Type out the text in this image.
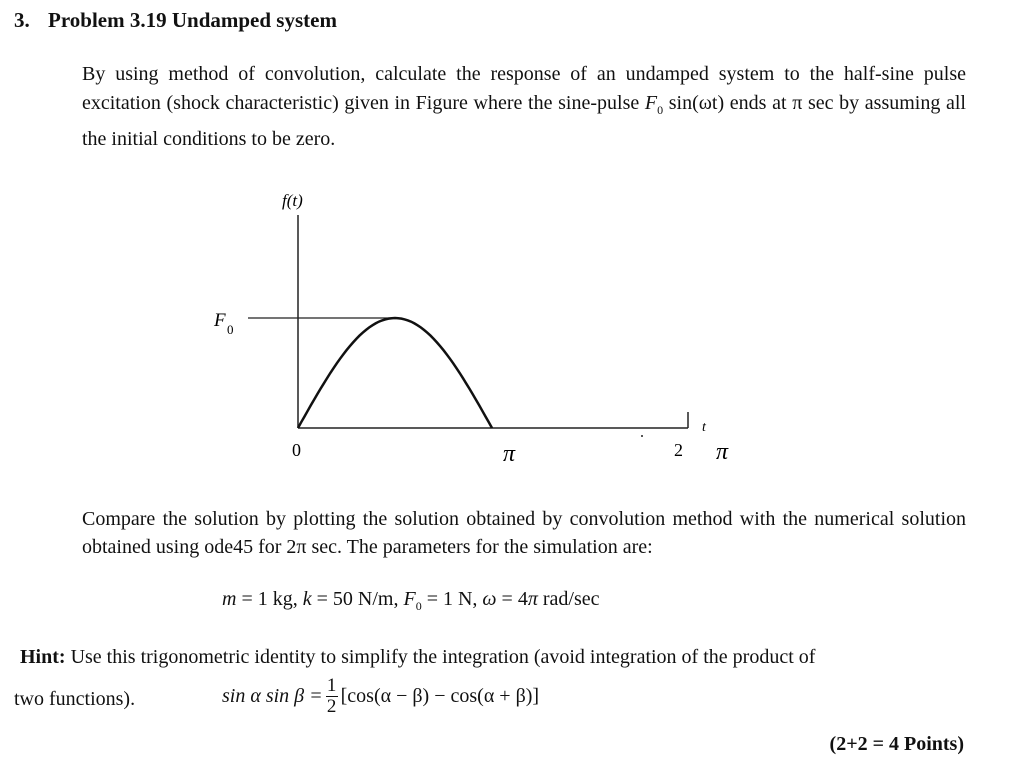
3. Problem 3.19 Undamped system
By using method of convolution, calculate the response of an undamped system to the half-sine pulse excitation (shock characteristic) given in Figure where the sine-pulse $F_0$ sin(ωt) ends at π sec by assuming all the initial conditions to be zero.
f(t)
t
F 0
0	π	2 π
Compare the solution by plotting the solution obtained by convolution method with the numerical solution obtained using ode45 for 2π sec. The parameters for the simulation are:
m = 1 kg, k = 50 N/m, $F_0 = 1$ N, ω = 4π rad/sec
Hint: Use this trigonometric identity to simplify the integration (avoid integration of the product of
two functions).	sin α $\sin \beta = \frac{1}{2} [\cos(\alpha - \beta) - \cos(\alpha + \beta)]$
(2+2 = 4 Points)
